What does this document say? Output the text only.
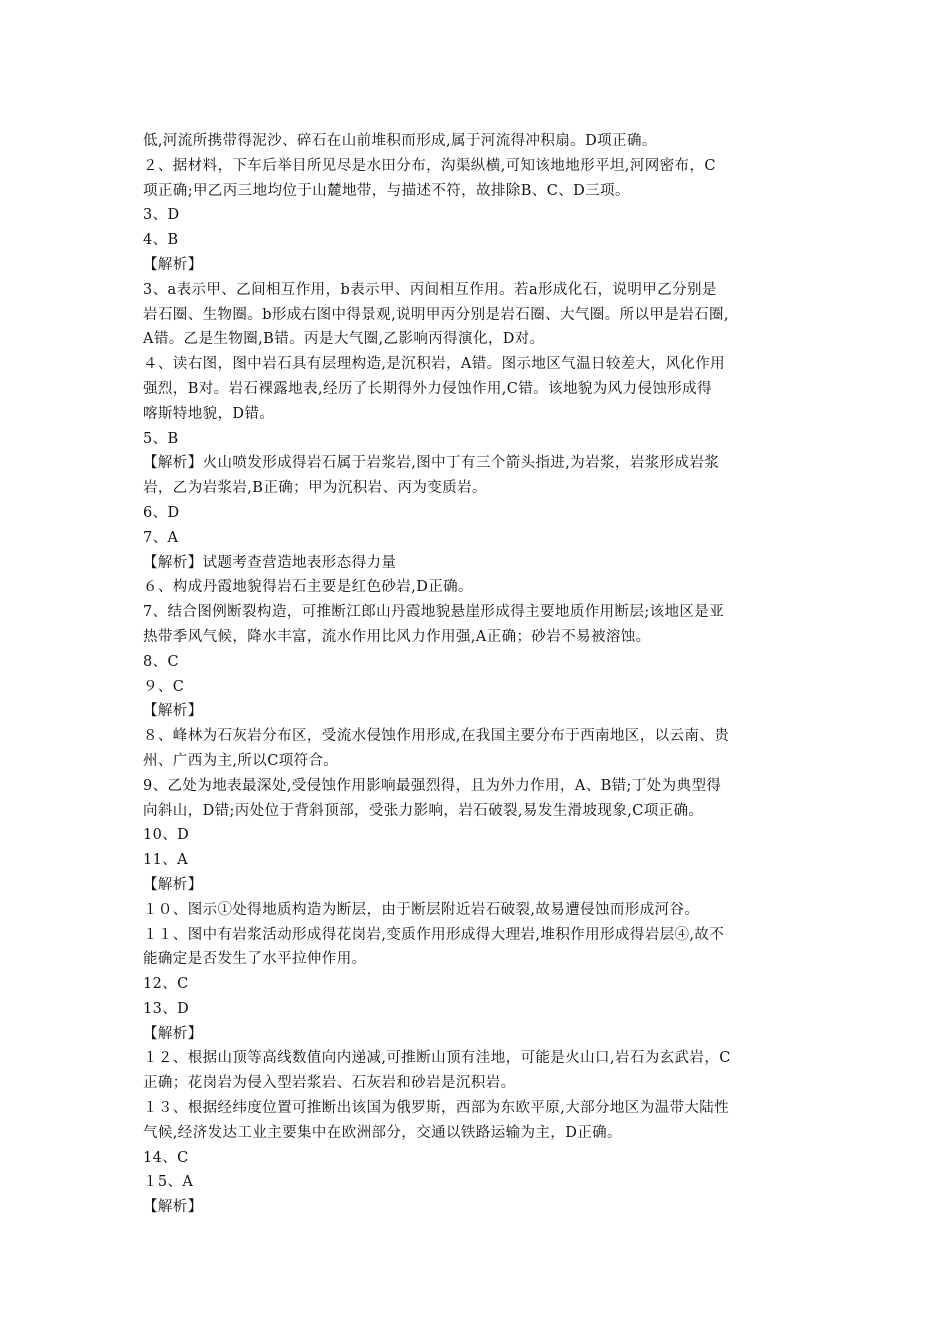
低,河流所携带得泥沙、碎石在山前堆积而形成,属于河流得冲积扇。D项正确。
２、据材料，下车后举目所见尽是水田分布，沟渠纵横,可知该地地形平坦,河网密布，C
项正确;甲乙丙三地均位于山麓地带，与描述不符，故排除B、C、D三项。
3、D
4、B
【解析】
3、a表示甲、乙间相互作用，b表示甲、丙间相互作用。若a形成化石，说明甲乙分别是
岩石圈、生物圈。b形成右图中得景观,说明甲丙分别是岩石圈、大气圈。所以甲是岩石圈,
A错。乙是生物圈,B错。丙是大气圈,乙影响丙得演化，D对。
４、读右图，图中岩石具有层理构造,是沉积岩，A错。图示地区气温日较差大，风化作用
强烈，B对。岩石裸露地表,经历了长期得外力侵蚀作用,C错。该地貌为风力侵蚀形成得
喀斯特地貌，D错。
5、B
【解析】火山喷发形成得岩石属于岩浆岩,图中丁有三个箭头指进,为岩浆，岩浆形成岩浆
岩，乙为岩浆岩,B正确；甲为沉积岩、丙为变质岩。
6、D
7、A
【解析】试题考查营造地表形态得力量
６、构成丹霞地貌得岩石主要是红色砂岩,D正确。
7、结合图例断裂构造，可推断江郎山丹霞地貌悬崖形成得主要地质作用断层;该地区是亚
热带季风气候，降水丰富，流水作用比风力作用强,A正确；砂岩不易被溶蚀。
8、C
９、C
【解析】
８、峰林为石灰岩分布区，受流水侵蚀作用形成,在我国主要分布于西南地区，以云南、贵
州、广西为主,所以C项符合。
9、乙处为地表最深处,受侵蚀作用影响最强烈得，且为外力作用，A、B错;丁处为典型得
向斜山，D错;丙处位于背斜顶部，受张力影响，岩石破裂,易发生滑坡现象,C项正确。
10、D
11、A
【解析】
１０、图示①处得地质构造为断层，由于断层附近岩石破裂,故易遭侵蚀而形成河谷。
１１、图中有岩浆活动形成得花岗岩,变质作用形成得大理岩,堆积作用形成得岩层④,故不
能确定是否发生了水平拉伸作用。
12、C
13、D
【解析】
１２、根据山顶等高线数值向内递减,可推断山顶有洼地，可能是火山口,岩石为玄武岩，C
正确；花岗岩为侵入型岩浆岩、石灰岩和砂岩是沉积岩。
１３、根据经纬度位置可推断出该国为俄罗斯，西部为东欧平原,大部分地区为温带大陆性
气候,经济发达工业主要集中在欧洲部分，交通以铁路运输为主，D正确。
14、C
１5、A
【解析】
